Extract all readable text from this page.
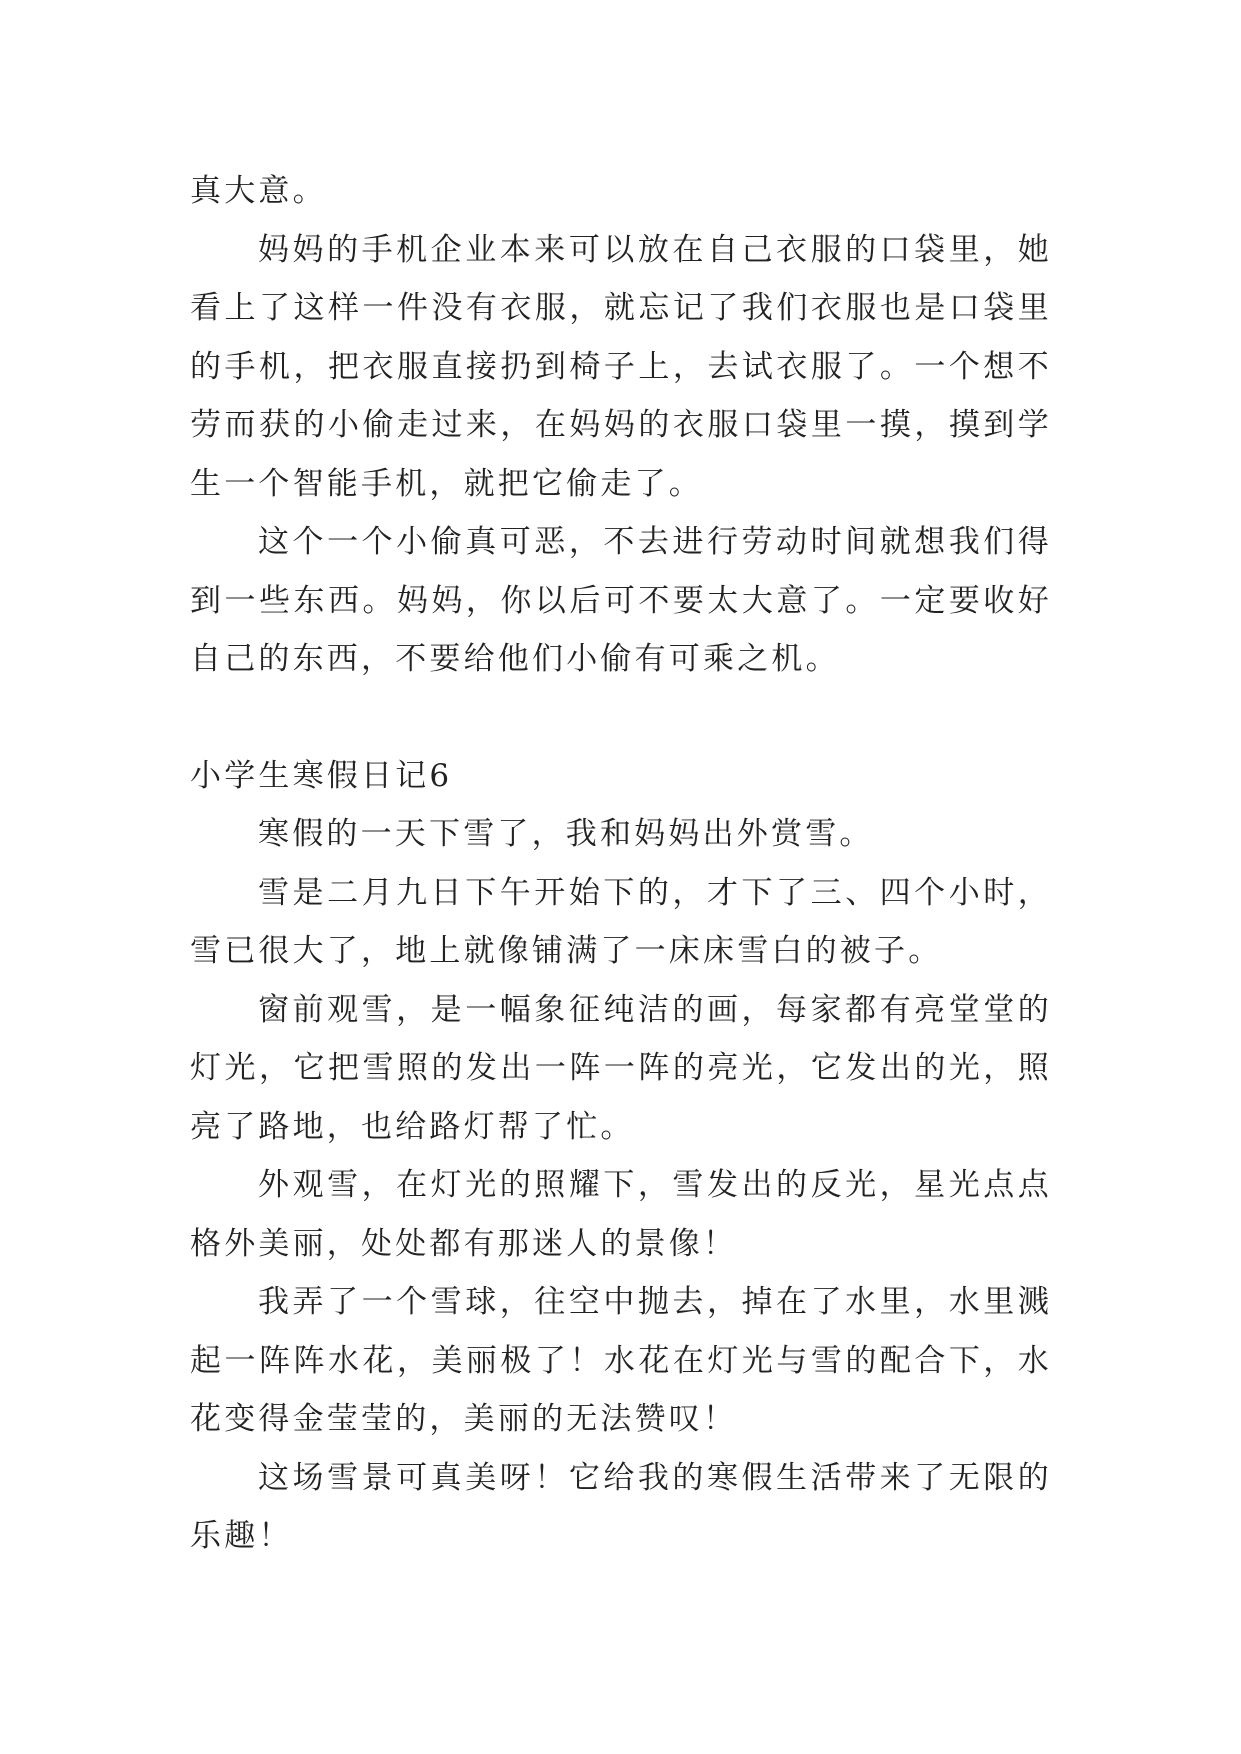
真大意。

妈妈的手机企业本来可以放在自己衣服的口袋里，她看上了这样一件没有衣服，就忘记了我们衣服也是口袋里的手机，把衣服直接扔到椅子上，去试衣服了。一个想不劳而获的小偷走过来，在妈妈的衣服口袋里一摸，摸到学生一个智能手机，就把它偷走了。

这个一个小偷真可恶，不去进行劳动时间就想我们得到一些东西。妈妈，你以后可不要太大意了。一定要收好自己的东西，不要给他们小偷有可乘之机。

小学生寒假日记6

寒假的一天下雪了，我和妈妈出外赏雪。

雪是二月九日下午开始下的，才下了三、四个小时，雪已很大了，地上就像铺满了一床床雪白的被子。

窗前观雪，是一幅象征纯洁的画，每家都有亮堂堂的灯光，它把雪照的发出一阵一阵的亮光，它发出的光，照亮了路地，也给路灯帮了忙。

外观雪，在灯光的照耀下，雪发出的反光，星光点点格外美丽，处处都有那迷人的景像！

我弄了一个雪球，往空中抛去，掉在了水里，水里溅起一阵阵水花，美丽极了！水花在灯光与雪的配合下，水花变得金莹莹的，美丽的无法赞叹！

这场雪景可真美呀！它给我的寒假生活带来了无限的乐趣！
